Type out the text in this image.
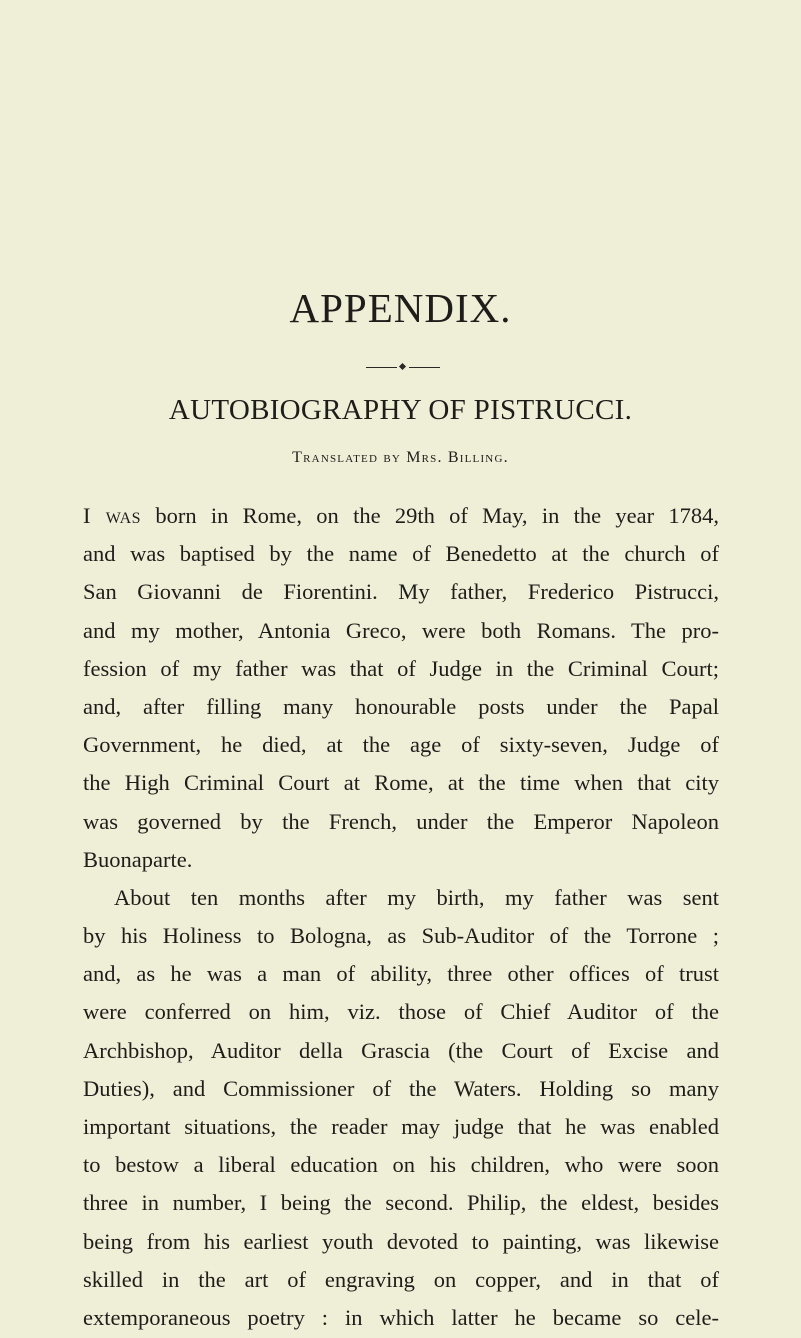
APPENDIX.
AUTOBIOGRAPHY OF PISTRUCCI.
Translated by Mrs. Billing.
I was born in Rome, on the 29th of May, in the year 1784,
and was baptised by the name of Benedetto at the church of
San Giovanni de Fiorentini. My father, Frederico Pistrucci,
and my mother, Antonia Greco, were both Romans. The pro-
fession of my father was that of Judge in the Criminal Court;
and, after filling many honourable posts under the Papal
Government, he died, at the age of sixty-seven, Judge of
the High Criminal Court at Rome, at the time when that city
was governed by the French, under the Emperor Napoleon
Buonaparte.
About ten months after my birth, my father was sent
by his Holiness to Bologna, as Sub-Auditor of the Torrone ;
and, as he was a man of ability, three other offices of trust
were conferred on him, viz. those of Chief Auditor of the
Archbishop, Auditor della Grascia (the Court of Excise and
Duties), and Commissioner of the Waters. Holding so many
important situations, the reader may judge that he was enabled
to bestow a liberal education on his children, who were soon
three in number, I being the second. Philip, the eldest, besides
being from his earliest youth devoted to painting, was likewise
skilled in the art of engraving on copper, and in that of
extemporaneous poetry : in which latter he became so cele-
